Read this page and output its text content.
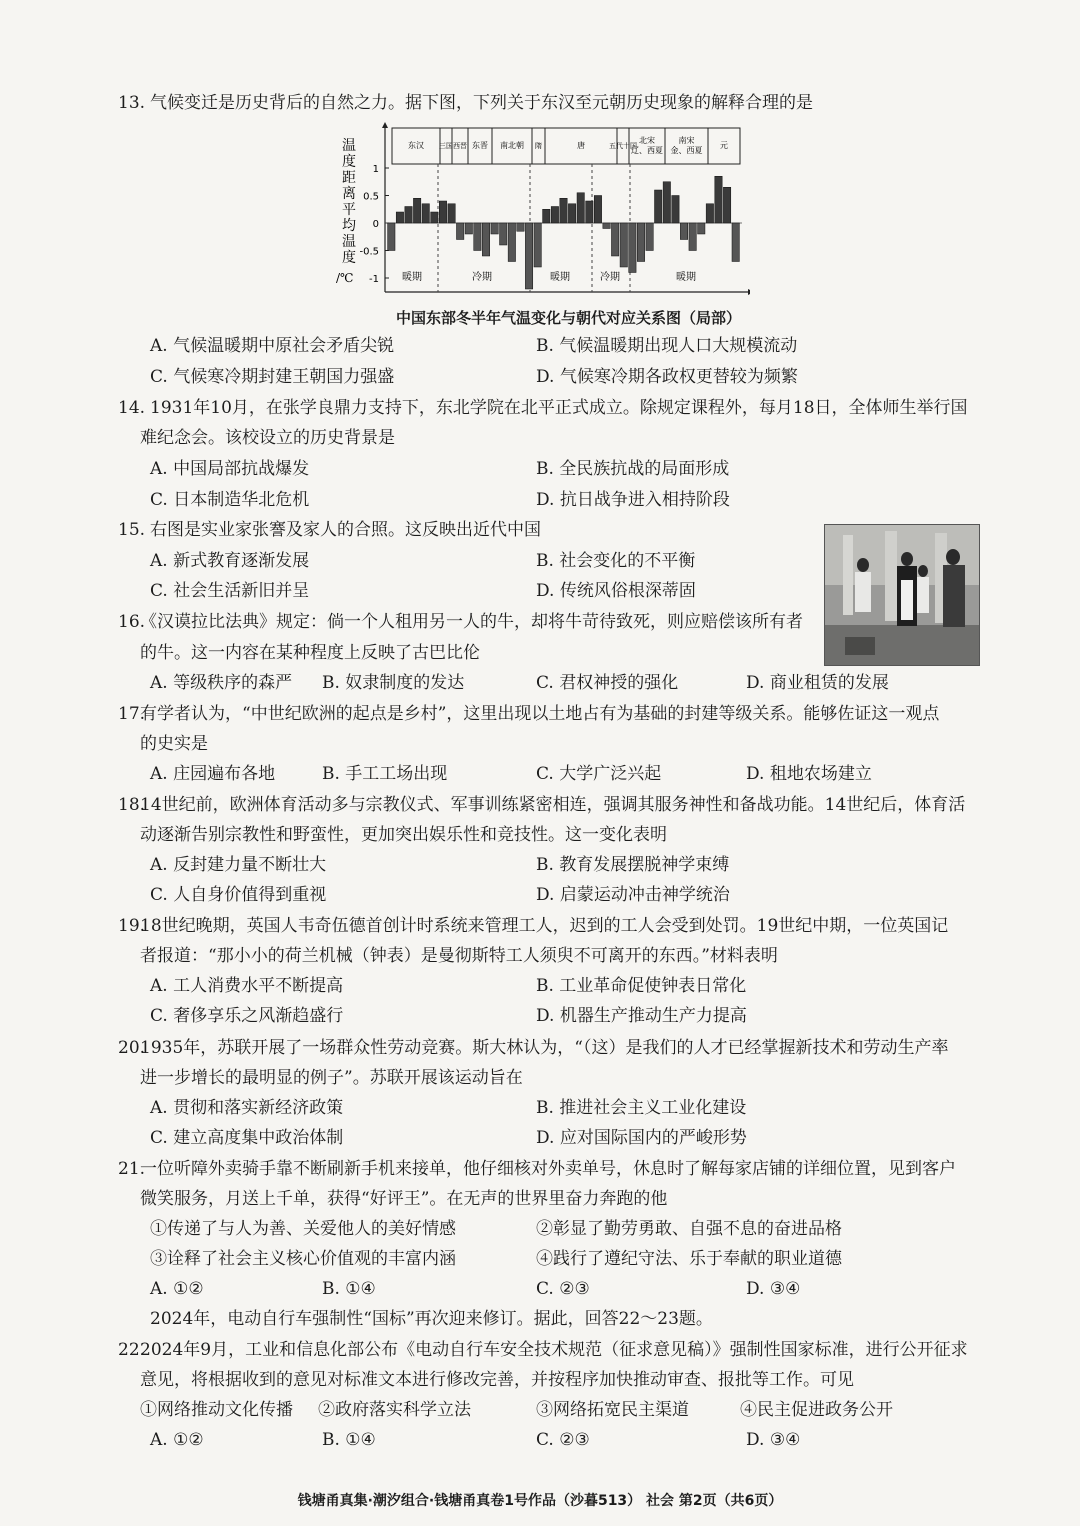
13. 气候变迁是历史背后的自然之力。据下图，下列关于东汉至元朝历史现象的解释合理的是
温
度
距
离
平
均
温
度
/℃
1
0.5
0
-0.5
-1
东汉 三国 西晋 东晋 南北朝 隋	唐	五代十国
北宋
辽、西夏
南宋
金、西夏
元
暖期	冷期	暖期	冷期	暖期
中国东部冬半年气温变化与朝代对应关系图（局部）
A. 气候温暖期中原社会矛盾尖锐	B. 气候温暖期出现人口大规模流动
C. 气候寒冷期封建王朝国力强盛	D. 气候寒冷期各政权更替较为频繁
14. 1931年10月，在张学良鼎力支持下，东北学院在北平正式成立。除规定课程外，每月18日，全体师生举行国
难纪念会。该校设立的历史背景是
A. 中国局部抗战爆发	B. 全民族抗战的局面形成
C. 日本制造华北危机	D. 抗日战争进入相持阶段
15. 右图是实业家张謇及家人的合照。这反映出近代中国
A. 新式教育逐渐发展	B. 社会变化的不平衡
C. 社会生活新旧并呈	D. 传统风俗根深蒂固
16.
《汉谟拉比法典》规定：倘一个人租用另一人的牛，却将牛苛待致死，则应赔偿该所有者
的牛。这一内容在某种程度上反映了古巴比伦
A. 等级秩序的森严 B. 奴隶制度的发达	C. 君权神授的强化	D. 商业租赁的发展
17.
有学者认为，“中世纪欧洲的起点是乡村”，这里出现以土地占有为基础的封建等级关系。能够佐证这一观点
的史实是
A. 庄园遍布各地	B. 手工工场出现	C. 大学广泛兴起	D. 租地农场建立
18.
14世纪前，欧洲体育活动多与宗教仪式、军事训练紧密相连，强调其服务神性和备战功能。14世纪后，体育活
动逐渐告别宗教性和野蛮性，更加突出娱乐性和竞技性。这一变化表明
A. 反封建力量不断壮大	B. 教育发展摆脱神学束缚
C. 人自身价值得到重视	D. 启蒙运动冲击神学统治
19.
18世纪晚期，英国人韦奇伍德首创计时系统来管理工人，迟到的工人会受到处罚。19世纪中期，一位英国记
者报道：“那小小的荷兰机械（钟表）是曼彻斯特工人须臾不可离开的东西。”材料表明
A. 工人消费水平不断提高	B. 工业革命促使钟表日常化
C. 奢侈享乐之风渐趋盛行	D. 机器生产推动生产力提高
20.
1935年，苏联开展了一场群众性劳动竞赛。斯大林认为，“（这）是我们的人才已经掌握新技术和劳动生产率
进一步增长的最明显的例子”。苏联开展该运动旨在
A. 贯彻和落实新经济政策	B. 推进社会主义工业化建设
C. 建立高度集中政治体制	D. 应对国际国内的严峻形势
21.
一位听障外卖骑手靠不断刷新手机来接单，他仔细核对外卖单号，休息时了解每家店铺的详细位置，见到客户
微笑服务，月送上千单，获得“好评王”。在无声的世界里奋力奔跑的他
①传递了与人为善、关爱他人的美好情感	②彰显了勤劳勇敢、自强不息的奋进品格
③诠释了社会主义核心价值观的丰富内涵	④践行了遵纪守法、乐于奉献的职业道德
A. ①②	B. ①④	C. ②③	D. ③④
2024年，电动自行车强制性“国标”再次迎来修订。据此，回答22～23题。
22.
2024年9月，工业和信息化部公布《电动自行车安全技术规范（征求意见稿）》强制性国家标准，进行公开征求
意见，将根据收到的意见对标准文本进行修改完善，并按程序加快推动审查、报批等工作。可见
①网络推动文化传播 ②政府落实科学立法	③网络拓宽民主渠道	④民主促进政务公开
A. ①②	B. ①④	C. ②③	D. ③④
钱塘甬真集·潮汐组合·钱塘甬真卷1号作品（沙暮513） 社会 第2页（共6页）
